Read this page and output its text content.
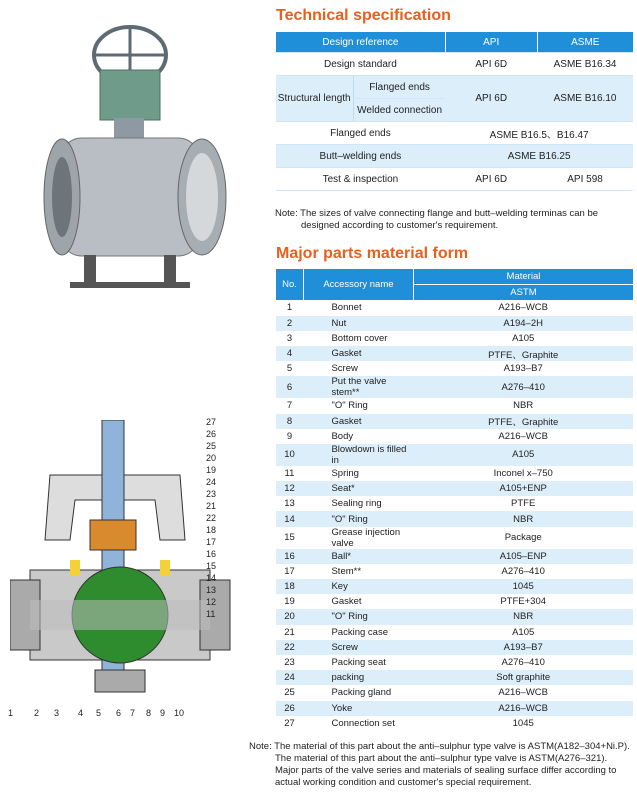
27
26
25
20
19
24
23
21
22
18
17
16
15
14
13
12
11
1 2 3 4 5 6 7 8 9 10
Technical specification
Design reference		API	ASME
Design standard		API 6D	ASME B16.34
Structural length	Flanged ends	API 6D	ASME B16.10
	Welded connection		
Flanged ends		ASME B16.5、B16.47	
Butt–welding ends		ASME B16.25	
Test & inspection		API 6D	API 598
Note: The sizes of valve connecting flange and butt–welding terminas can be
designed according to customer's requirement.
Major parts material form
No.	Accessory name	Material
		ASTM
1	Bonnet	A216–WCB
2	Nut	A194–2H
3	Bottom cover	A105
4	Gasket	PTFE、Graphite
5	Screw	A193–B7
6	Put the valve stem**	A276–410
7	"O" Ring	NBR
8	Gasket	PTFE、Graphite
9	Body	A216–WCB
10	Blowdown is filled in	A105
11	Spring	Inconel x–750
12	Seat*	A105+ENP
13	Sealing ring	PTFE
14	"O" Ring	NBR
15	Grease injection valve	Package
16	Ball*	A105–ENP
17	Stem**	A276–410
18	Key	1045
19	Gasket	PTFE+304
20	"O" Ring	NBR
21	Packing case	A105
22	Screw	A193–B7
23	Packing seat	A276–410
24	packing	Soft graphite
25	Packing gland	A216–WCB
26	Yoke	A216–WCB
27	Connection set	1045
Note: The material of this part about the anti–sulphur type valve is ASTM(A182–304+Ni.P).
The material of this part about the anti–sulphur type valve is ASTM(A276–321).
Major parts of the valve series and materials of sealing surface differ according to
actual working condition and customer's special requirement.
